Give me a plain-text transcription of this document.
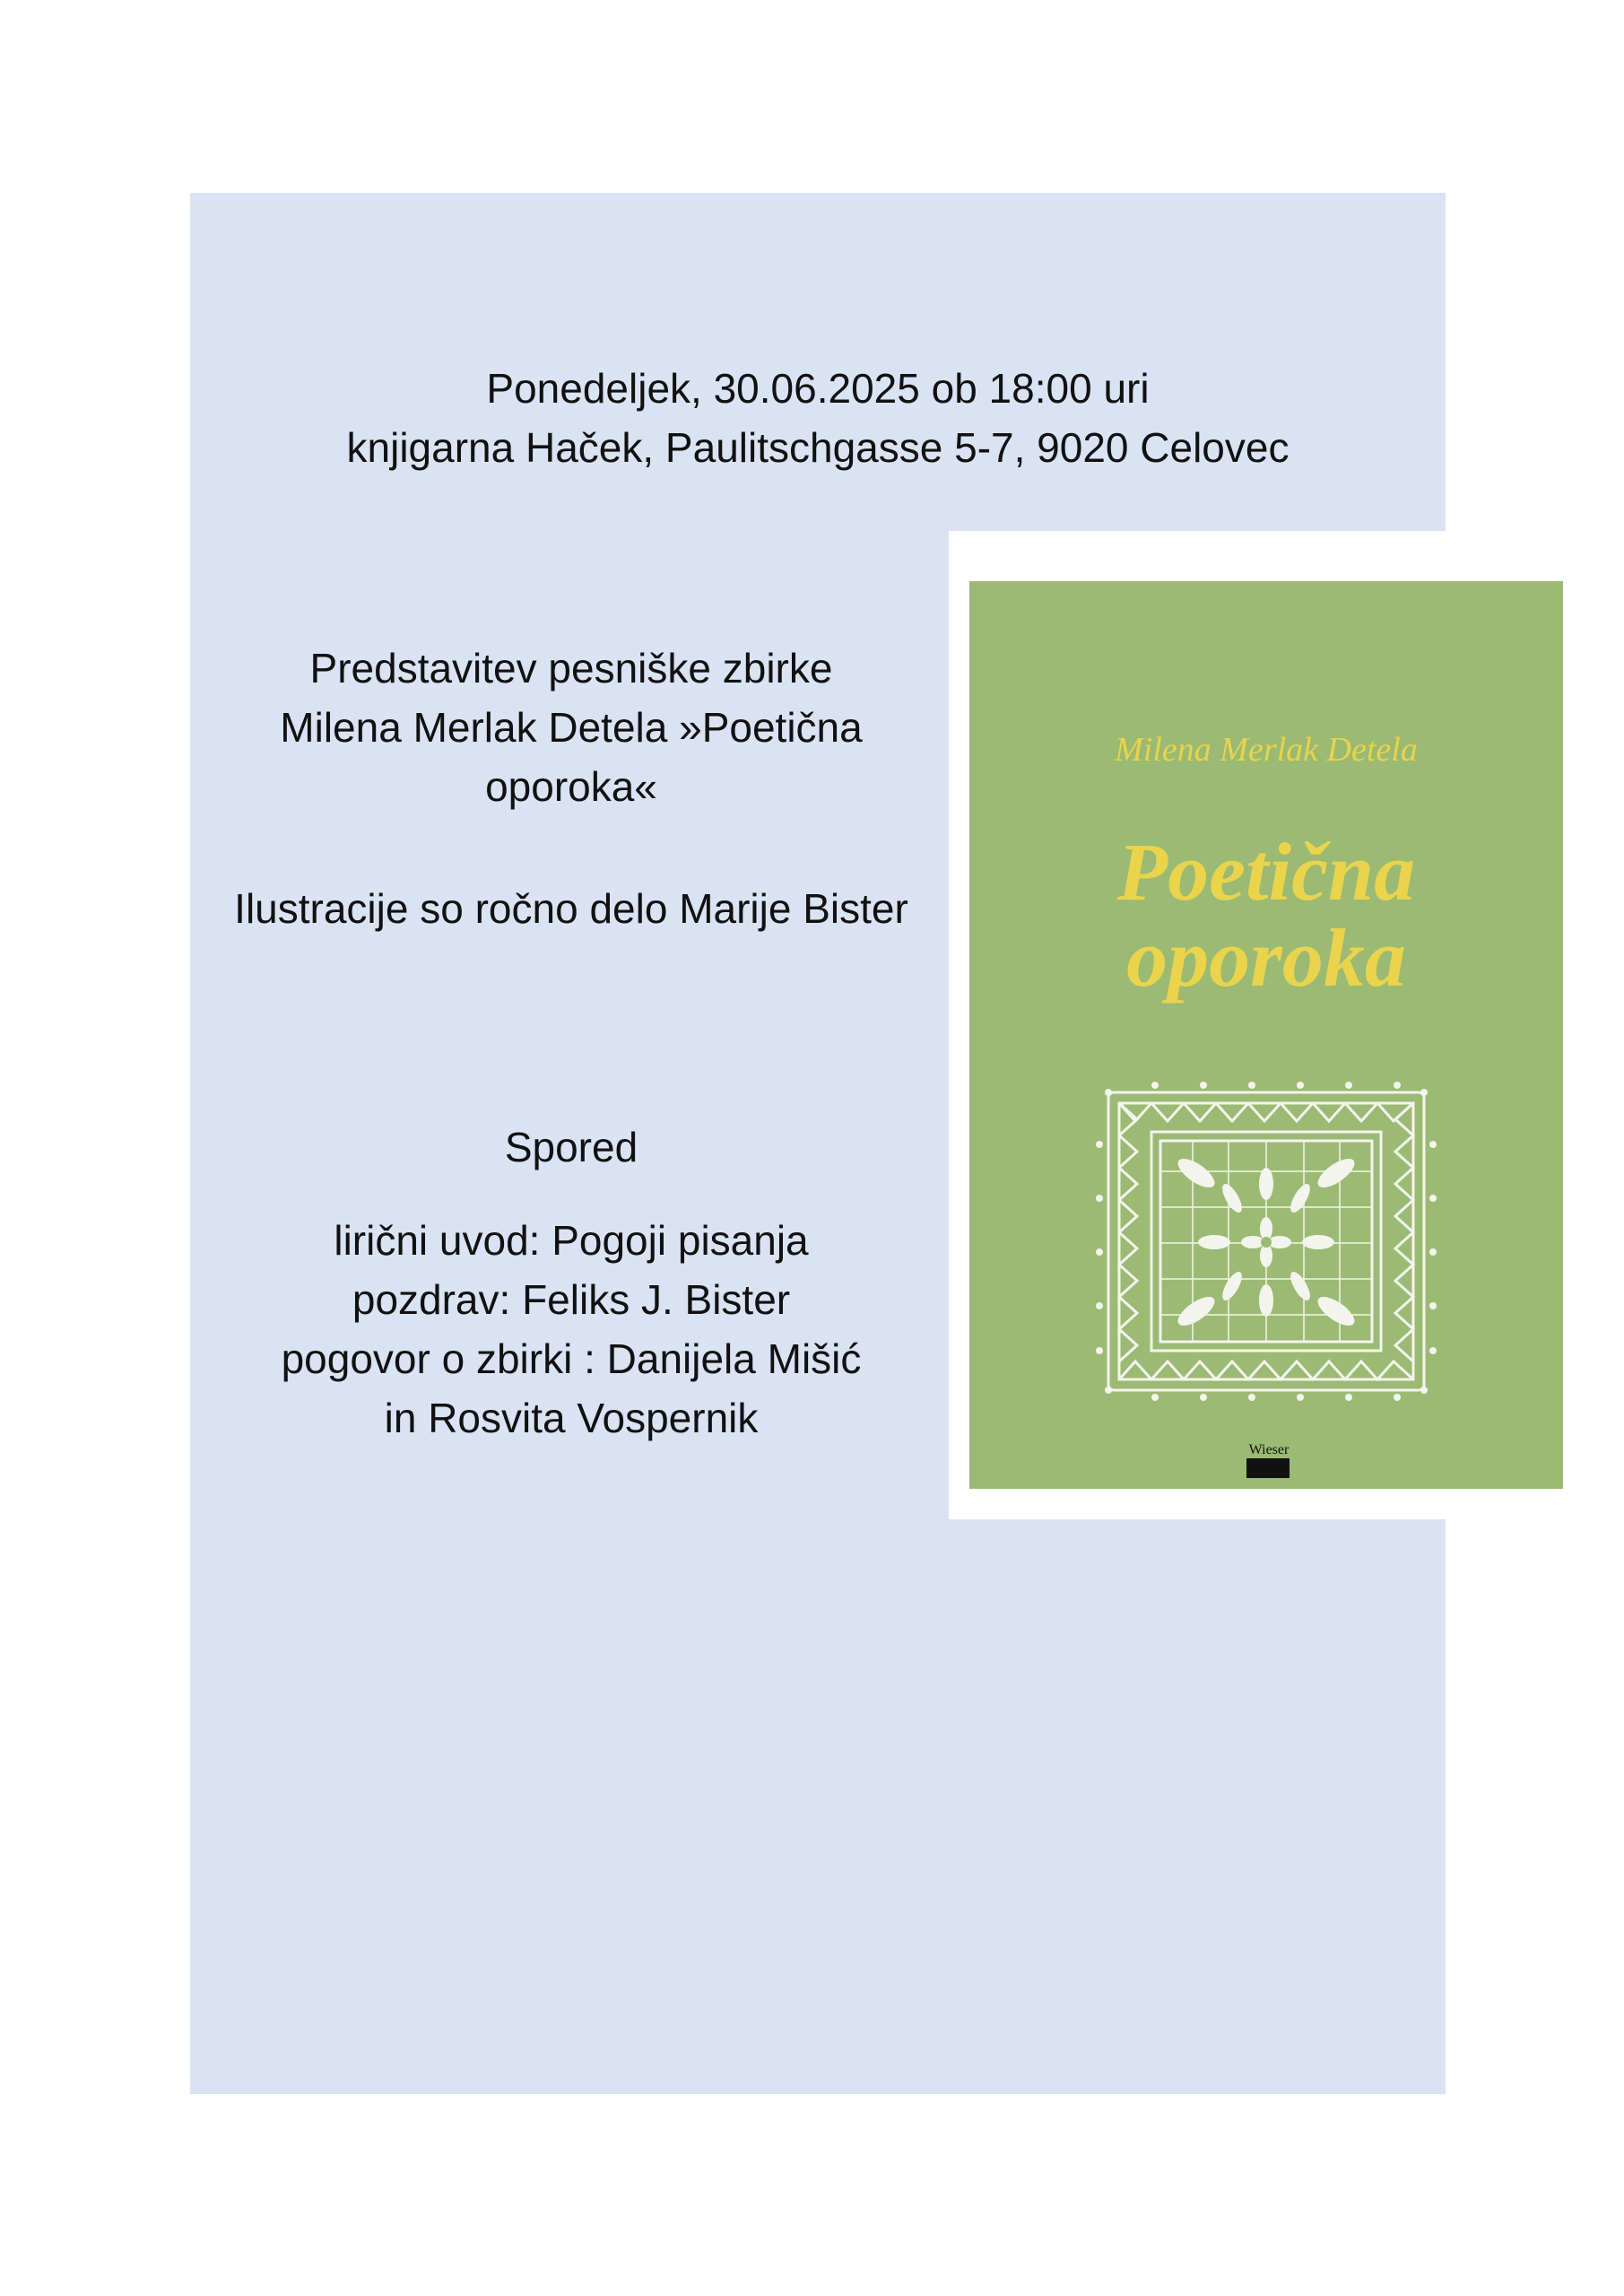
Ponedeljek, 30.06.2025 ob 18:00 uri
knjigarna Haček, Paulitschgasse 5-7, 9020 Celovec
Predstavitev pesniške zbirke
Milena Merlak Detela »Poetična
oporoka«
Ilustracije so ročno delo Marije Bister
Spored
lirični uvod: Pogoji pisanja
pozdrav: Feliks J. Bister
pogovor o zbirki : Danijela Mišić
in Rosvita Vospernik
Milena Merlak Detela
Poetična
oporoka
Wieser
